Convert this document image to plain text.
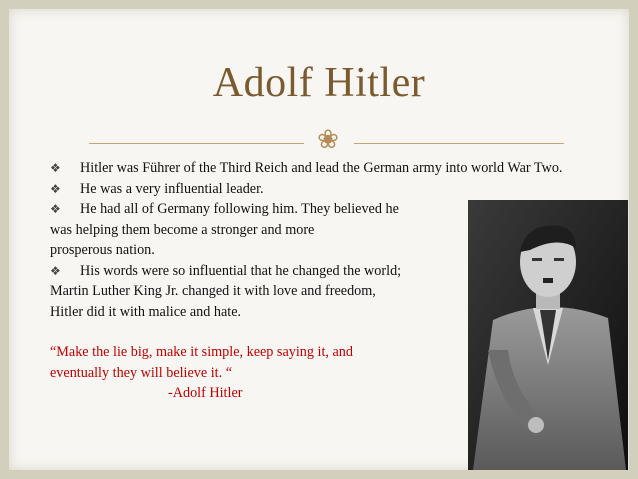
Adolf Hitler
❀
❖︎ Hitler was Führer of the Third Reich and lead the German army into world War Two.
❖︎ He was a very influential leader.
❖︎ He had all of Germany following him. They believed he
was helping them become a stronger and more
prosperous nation.
❖︎ His words were so influential that he changed the world;
Martin Luther King Jr. changed it with love and freedom,
Hitler did it with malice and hate.
“Make the lie big, make it simple, keep saying it, and
eventually they will believe it. “
-Adolf Hitler
